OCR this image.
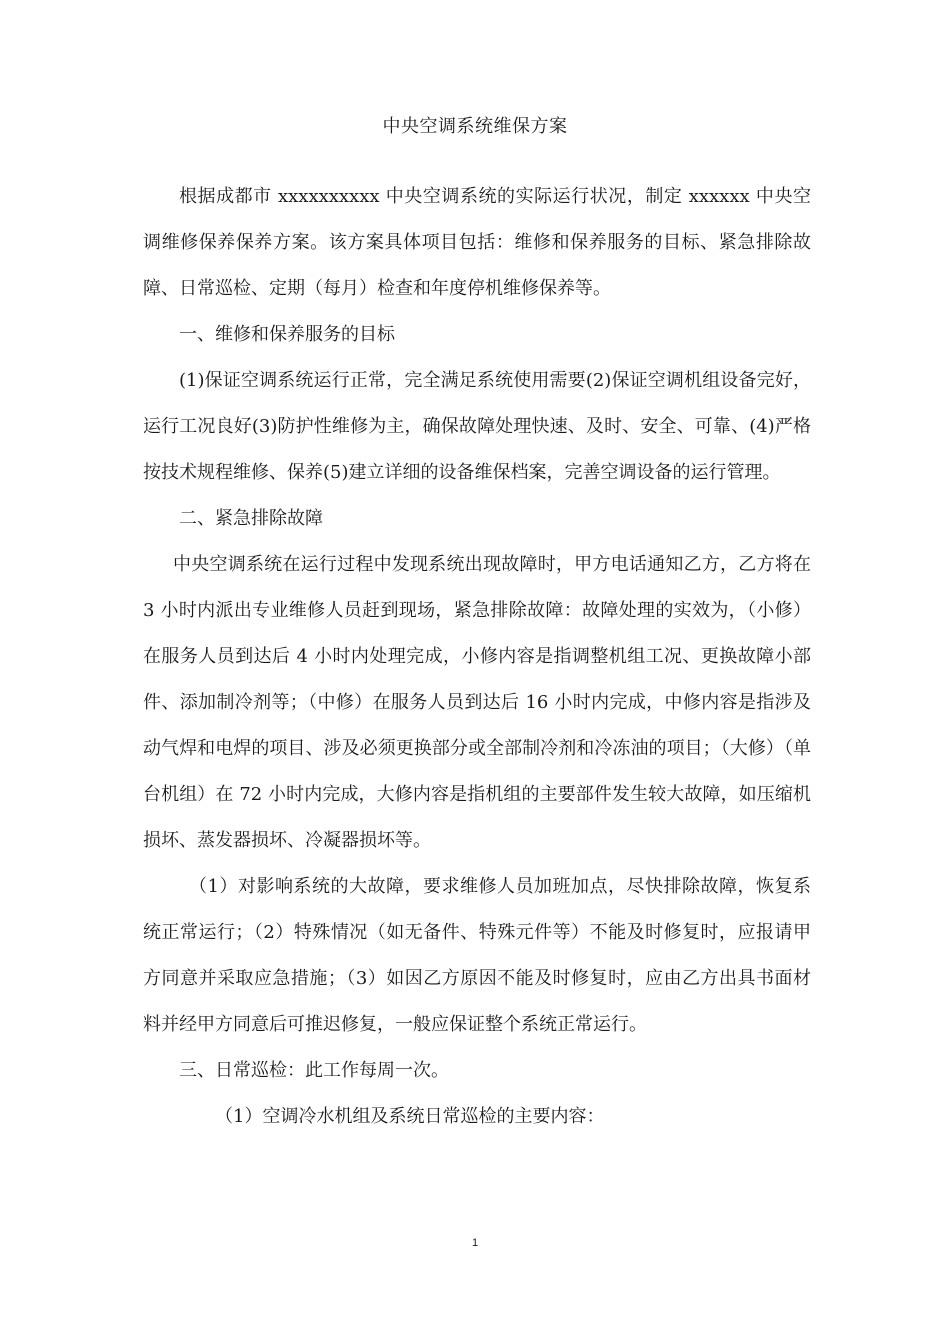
中央空调系统维保方案

根据成都市 xxxxxxxxxx 中央空调系统的实际运行状况，制定 xxxxxx 中央空调维修保养保养方案。该方案具体项目包括：维修和保养服务的目标、紧急排除故障、日常巡检、定期（每月）检查和年度停机维修保养等。

一、维修和保养服务的目标

(1)保证空调系统运行正常，完全满足系统使用需要(2)保证空调机组设备完好，运行工况良好(3)防护性维修为主，确保故障处理快速、及时、安全、可靠、(4)严格按技术规程维修、保养(5)建立详细的设备维保档案，完善空调设备的运行管理。

二、紧急排除故障

中央空调系统在运行过程中发现系统出现故障时，甲方电话通知乙方，乙方将在 3 小时内派出专业维修人员赶到现场，紧急排除故障：故障处理的实效为，（小修）在服务人员到达后 4 小时内处理完成，小修内容是指调整机组工况、更换故障小部件、添加制冷剂等；（中修）在服务人员到达后 16 小时内完成，中修内容是指涉及动气焊和电焊的项目、涉及必须更换部分或全部制冷剂和冷冻油的项目；（大修）（单台机组）在 72 小时内完成，大修内容是指机组的主要部件发生较大故障，如压缩机损坏、蒸发器损坏、冷凝器损坏等。

（1）对影响系统的大故障，要求维修人员加班加点，尽快排除故障，恢复系统正常运行；（2）特殊情况（如无备件、特殊元件等）不能及时修复时，应报请甲方同意并采取应急措施；（3）如因乙方原因不能及时修复时，应由乙方出具书面材料并经甲方同意后可推迟修复，一般应保证整个系统正常运行。

三、日常巡检：此工作每周一次。

（1）空调冷水机组及系统日常巡检的主要内容：

1
